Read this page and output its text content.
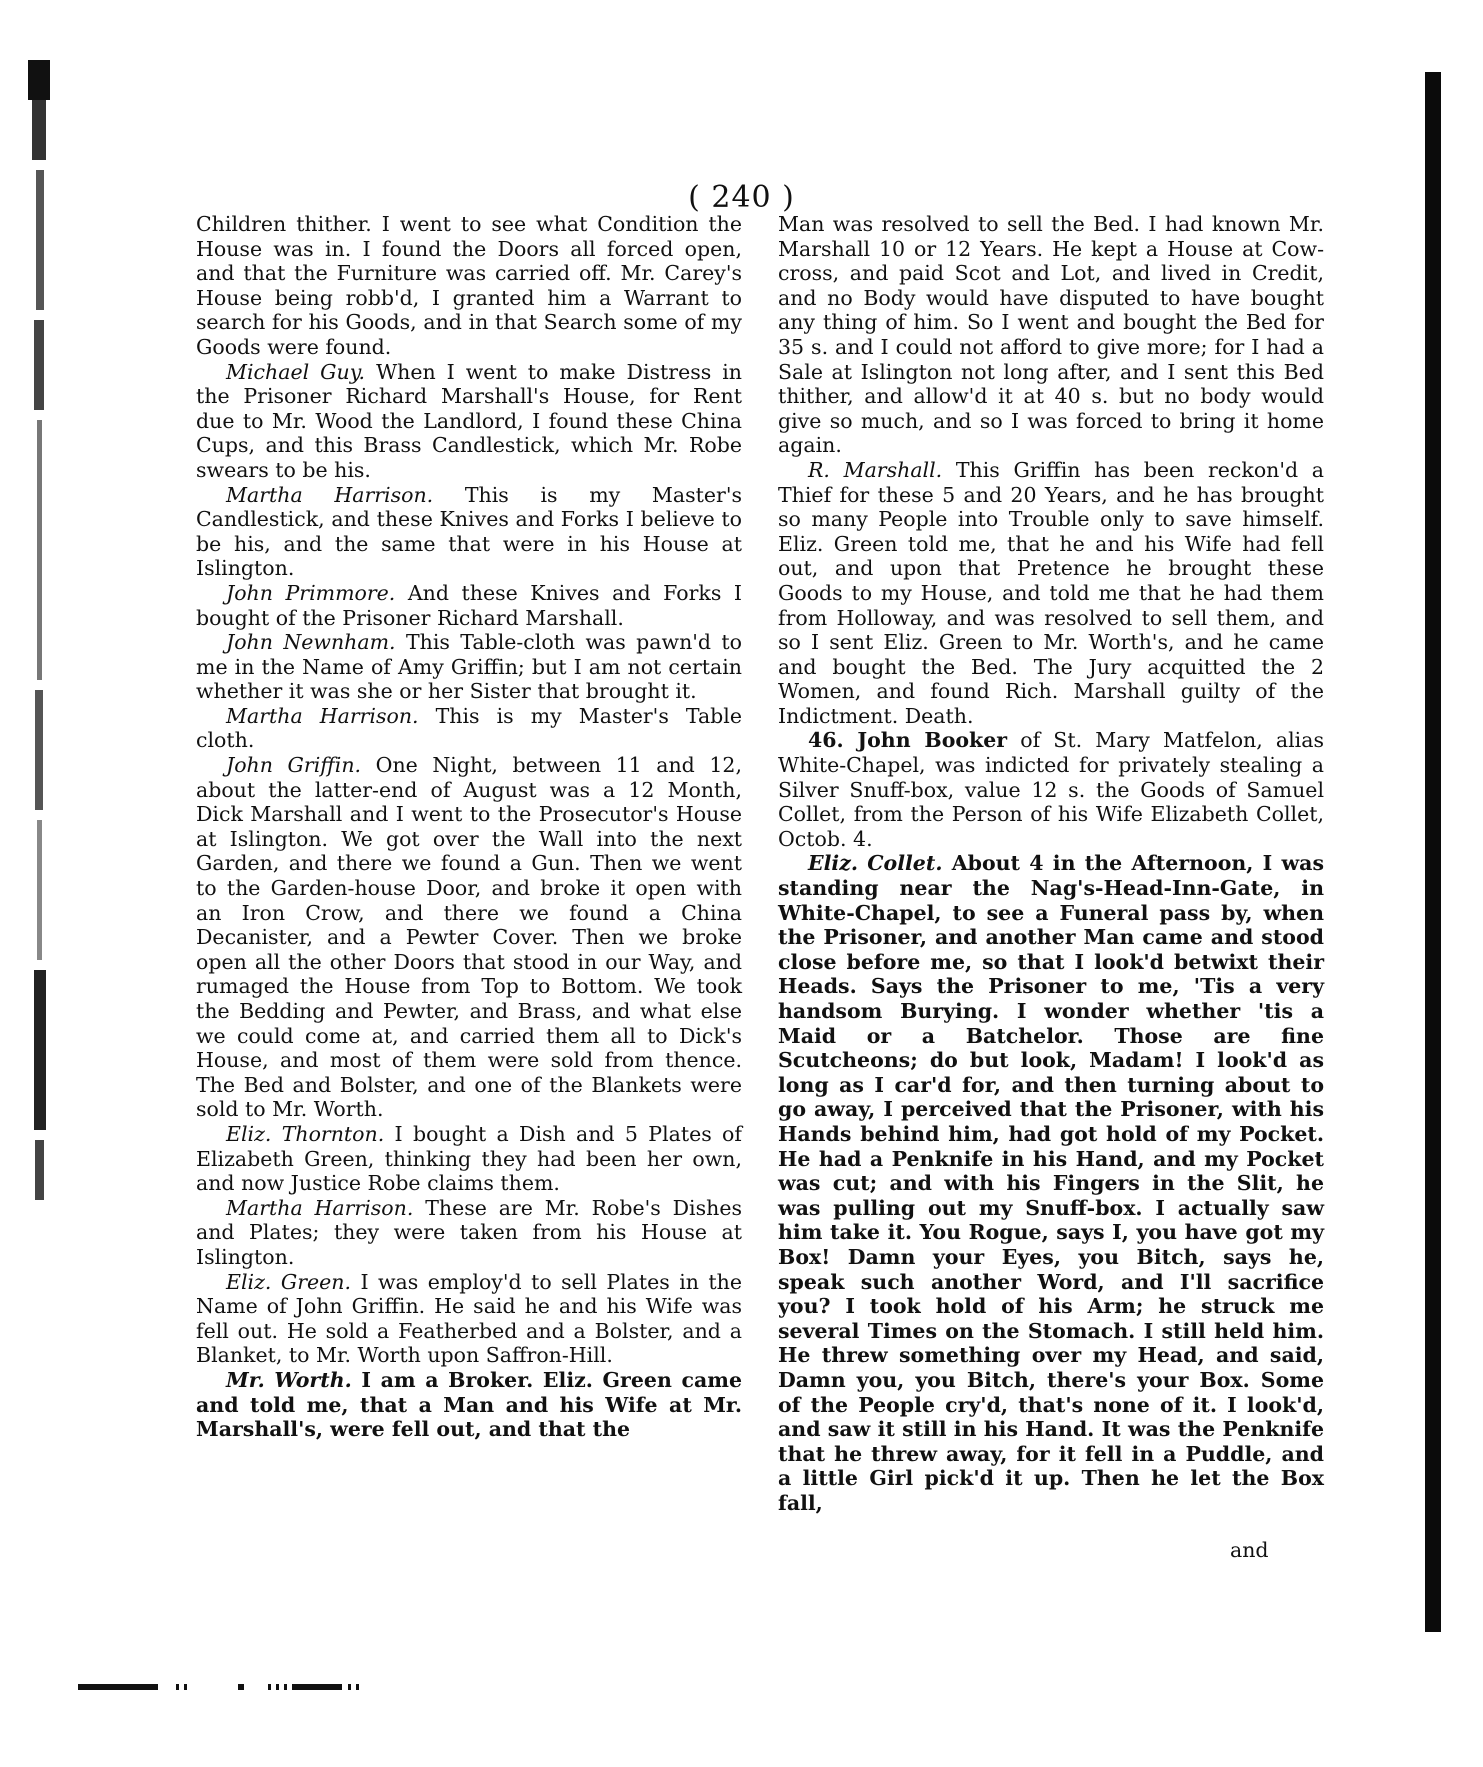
( 240 )

Children thither. I went to see what Condition the House was in. I found the Doors all forced open, and that the Furniture was carried off. Mr. Carey's House being robb'd, I granted him a Warrant to search for his Goods, and in that Search some of my Goods were found.

Michael Guy. When I went to make Distress in the Prisoner Richard Marshall's House, for Rent due to Mr. Wood the Landlord, I found these China Cups, and this Brass Candlestick, which Mr. Robe swears to be his.

Martha Harrison. This is my Master's Candlestick, and these Knives and Forks I believe to be his, and the same that were in his House at Islington.

John Primmore. And these Knives and Forks I bought of the Prisoner Richard Marshall.

John Newnham. This Table-cloth was pawn'd to me in the Name of Amy Griffin; but I am not certain whether it was she or her Sister that brought it.

Martha Harrison. This is my Master's Table cloth.

John Griffin. One Night, between 11 and 12, about the latter-end of August was a 12 Month, Dick Marshall and I went to the Prosecutor's House at Islington. We got over the Wall into the next Garden, and there we found a Gun. Then we went to the Garden-house Door, and broke it open with an Iron Crow, and there we found a China Decanister, and a Pewter Cover. Then we broke open all the other Doors that stood in our Way, and rumaged the House from Top to Bottom. We took the Bedding and Pewter, and Brass, and what else we could come at, and carried them all to Dick's House, and most of them were sold from thence. The Bed and Bolster, and one of the Blankets were sold to Mr. Worth.

Eliz. Thornton. I bought a Dish and 5 Plates of Elizabeth Green, thinking they had been her own, and now Justice Robe claims them.

Martha Harrison. These are Mr. Robe's Dishes and Plates; they were taken from his House at Islington.

Eliz. Green. I was employ'd to sell Plates in the Name of John Griffin. He said he and his Wife was fell out. He sold a Featherbed and a Bolster, and a Blanket, to Mr. Worth upon Saffron-Hill.

Mr. Worth. I am a Broker. Eliz. Green came and told me, that a Man and his Wife at Mr. Marshall's, were fell out, and that the

Man was resolved to sell the Bed. I had known Mr. Marshall 10 or 12 Years. He kept a House at Cow-cross, and paid Scot and Lot, and lived in Credit, and no Body would have disputed to have bought any thing of him. So I went and bought the Bed for 35 s. and I could not afford to give more; for I had a Sale at Islington not long after, and I sent this Bed thither, and allow'd it at 40 s. but no body would give so much, and so I was forced to bring it home again.

R. Marshall. This Griffin has been reckon'd a Thief for these 5 and 20 Years, and he has brought so many People into Trouble only to save himself. Eliz. Green told me, that he and his Wife had fell out, and upon that Pretence he brought these Goods to my House, and told me that he had them from Holloway, and was resolved to sell them, and so I sent Eliz. Green to Mr. Worth's, and he came and bought the Bed. The Jury acquitted the 2 Women, and found Rich. Marshall guilty of the Indictment. Death.

46. John Booker of St. Mary Matfelon, alias White-Chapel, was indicted for privately stealing a Silver Snuff-box, value 12 s. the Goods of Samuel Collet, from the Person of his Wife Elizabeth Collet, Octob. 4.

Eliz. Collet. About 4 in the Afternoon, I was standing near the Nag's-Head-Inn-Gate, in White-Chapel, to see a Funeral pass by, when the Prisoner, and another Man came and stood close before me, so that I look'd betwixt their Heads. Says the Prisoner to me, 'Tis a very handsom Burying. I wonder whether 'tis a Maid or a Batchelor. Those are fine Scutcheons; do but look, Madam! I look'd as long as I car'd for, and then turning about to go away, I perceived that the Prisoner, with his Hands behind him, had got hold of my Pocket. He had a Penknife in his Hand, and my Pocket was cut; and with his Fingers in the Slit, he was pulling out my Snuff-box. I actually saw him take it. You Rogue, says I, you have got my Box! Damn your Eyes, you Bitch, says he, speak such another Word, and I'll sacrifice you? I took hold of his Arm; he struck me several Times on the Stomach. I still held him. He threw something over my Head, and said, Damn you, you Bitch, there's your Box. Some of the People cry'd, that's none of it. I look'd, and saw it still in his Hand. It was the Penknife that he threw away, for it fell in a Puddle, and a little Girl pick'd it up. Then he let the Box fall,

and
